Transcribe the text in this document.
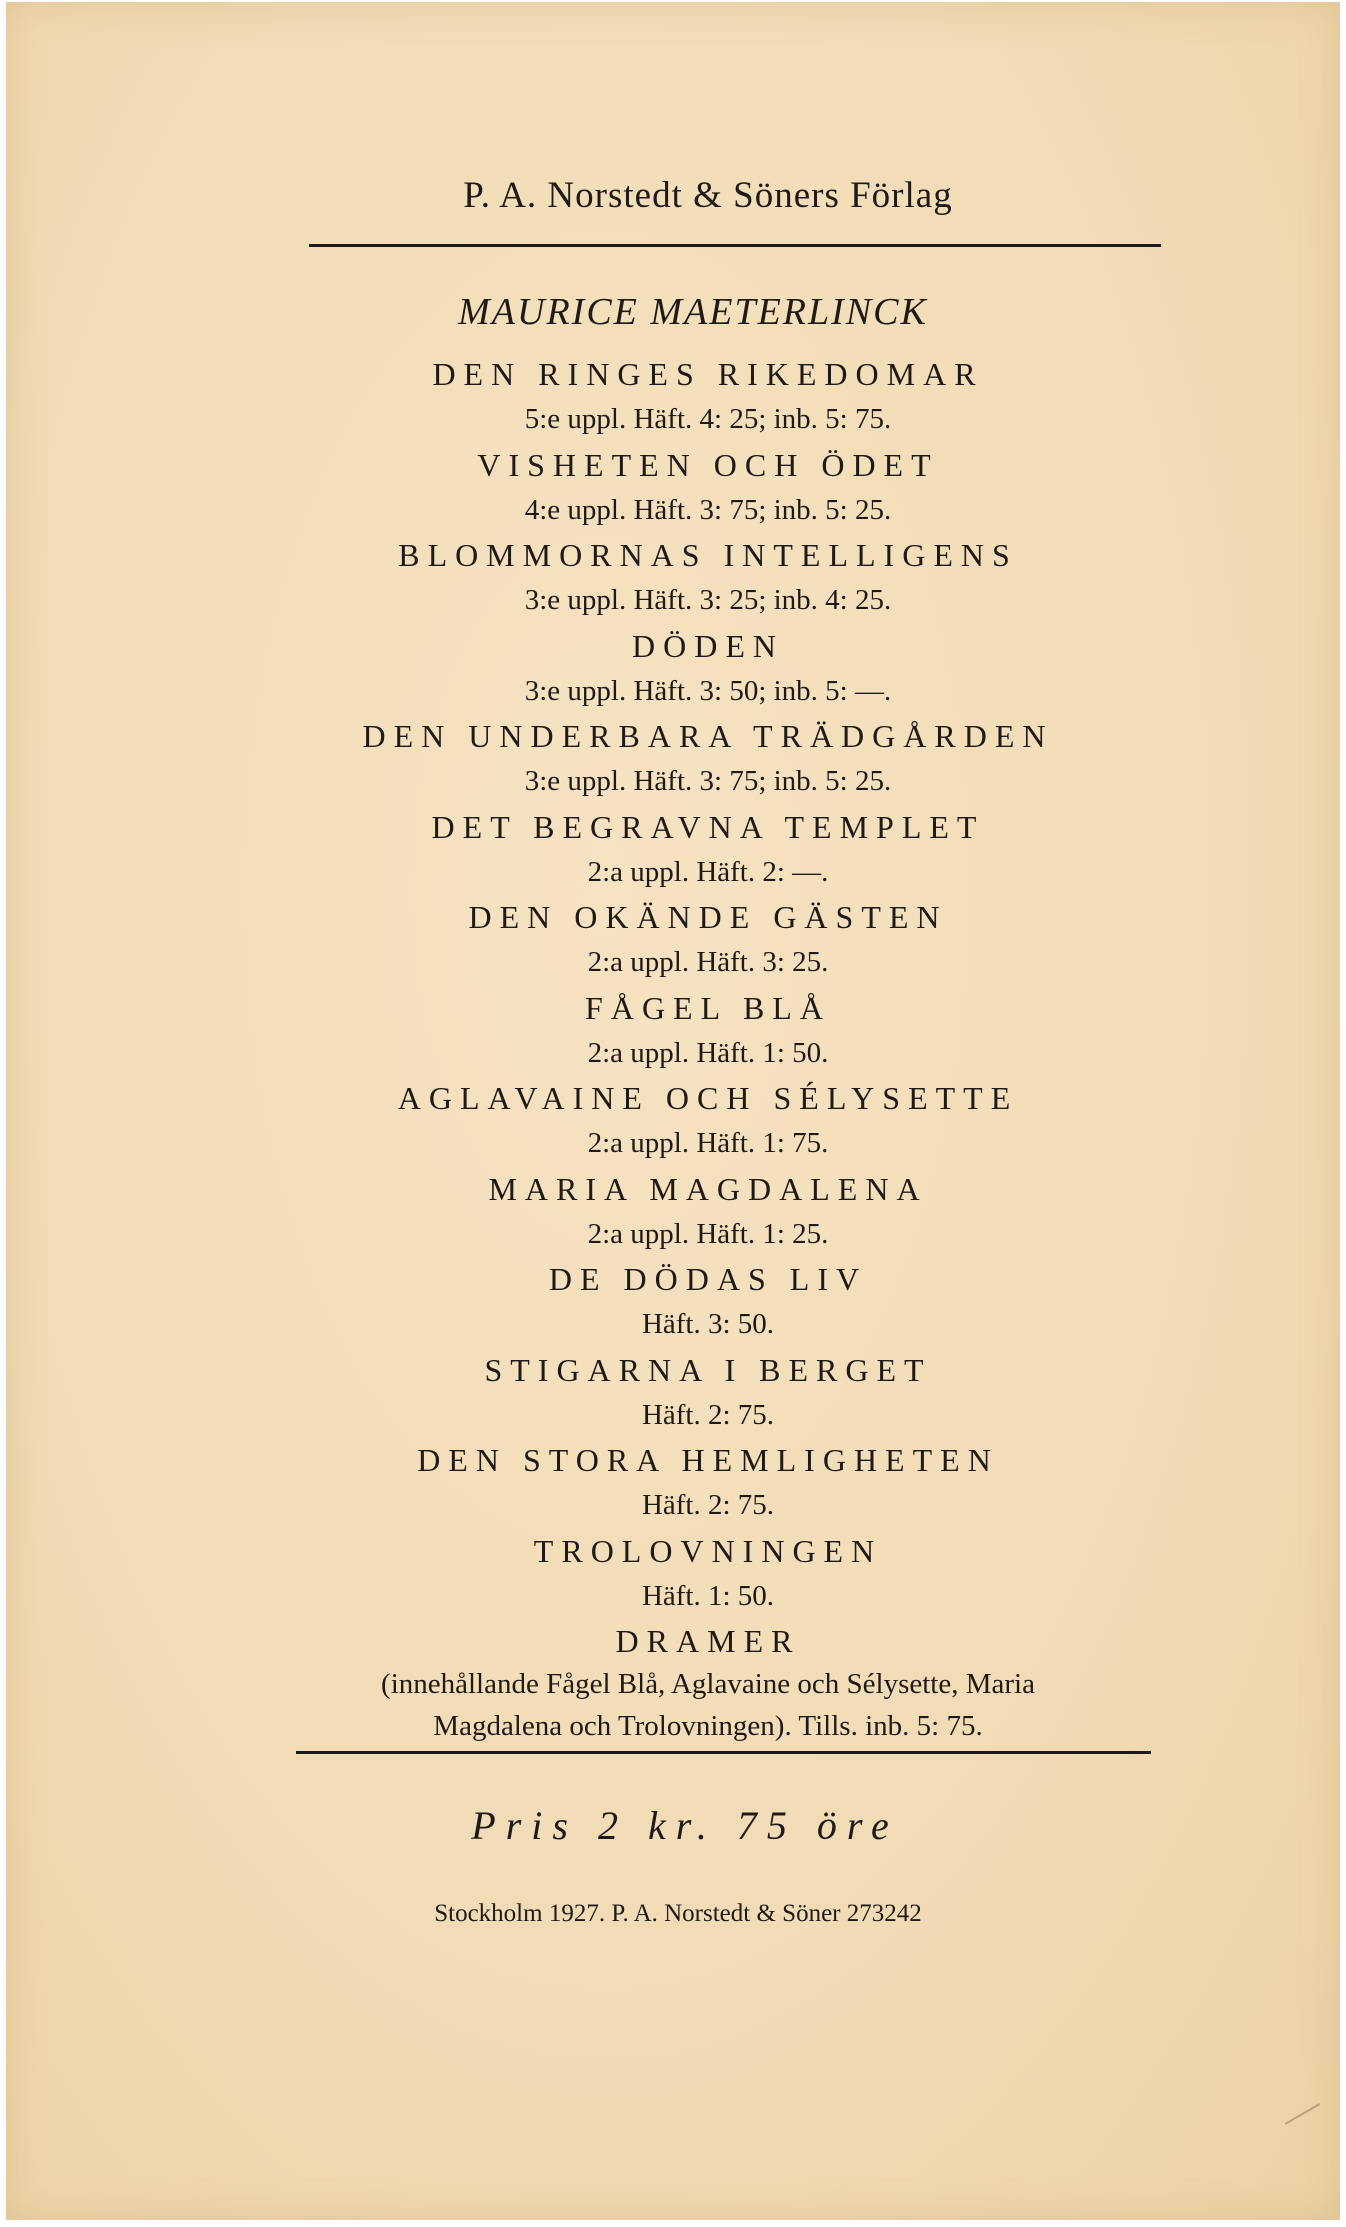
P. A. Norstedt & Söners Förlag
MAURICE MAETERLINCK
DEN RINGES RIKEDOMAR
5:e uppl. Häft. 4: 25; inb. 5: 75.
VISHETEN OCH ÖDET
4:e uppl. Häft. 3: 75; inb. 5: 25.
BLOMMORNAS INTELLIGENS
3:e uppl. Häft. 3: 25; inb. 4: 25.
DÖDEN
3:e uppl. Häft. 3: 50; inb. 5: —.
DEN UNDERBARA TRÄDGÅRDEN
3:e uppl. Häft. 3: 75; inb. 5: 25.
DET BEGRAVNA TEMPLET
2:a uppl. Häft. 2: —.
DEN OKÄNDE GÄSTEN
2:a uppl. Häft. 3: 25.
FÅGEL BLÅ
2:a uppl. Häft. 1: 50.
AGLAVAINE OCH SÉLYSETTE
2:a uppl. Häft. 1: 75.
MARIA MAGDALENA
2:a uppl. Häft. 1: 25.
DE DÖDAS LIV
Häft. 3: 50.
STIGARNA I BERGET
Häft. 2: 75.
DEN STORA HEMLIGHETEN
Häft. 2: 75.
TROLOVNINGEN
Häft. 1: 50.
DRAMER
(innehållande Fågel Blå, Aglavaine och Sélysette, Maria
Magdalena och Trolovningen). Tills. inb. 5: 75.
Pris 2 kr. 75 öre
Stockholm 1927. P. A. Norstedt & Söner 273242
